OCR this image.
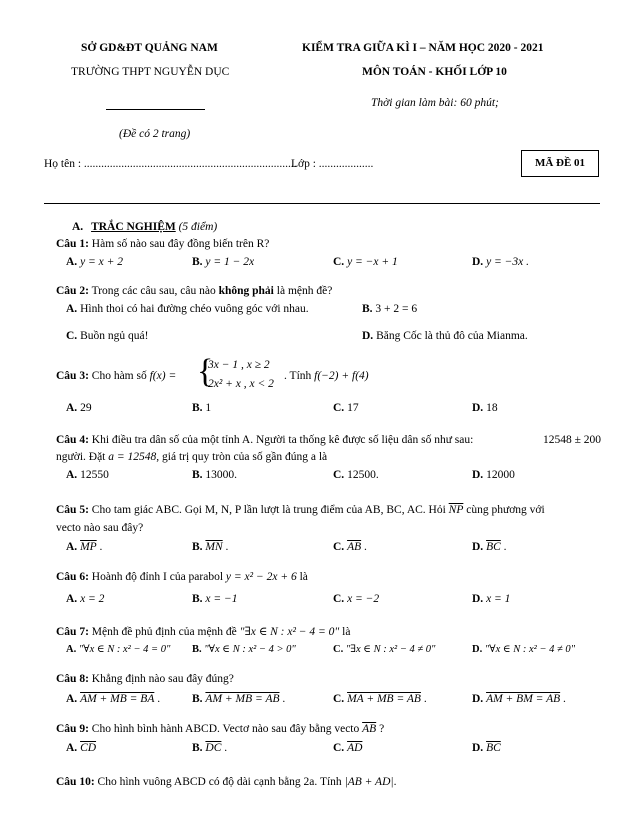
SỞ GD&ĐT QUẢNG NAM
TRƯỜNG THPT NGUYỄN DỤC
(Đề có 2 trang)
KIỂM TRA GIỮA KÌ I – NĂM HỌC 2020 - 2021
MÔN TOÁN - KHỐI LỚP 10
Thời gian làm bài: 60 phút;
Họ tên : ..........................................................................
Lớp : ...................	MÃ ĐỀ 01
A. TRẮC NGHIỆM (5 điểm)
Câu 1: Hàm số nào sau đây đồng biến trên R?
A. y = x + 2	B. y = 1 − 2x	C. y = −x + 1	D. y = −3x .
Câu 2: Trong các câu sau, câu nào không phải là mệnh đề?
A. Hình thoi có hai đường chéo vuông góc với nhau.	B. 3 + 2 = 6
C. Buồn ngủ quá!	D. Băng Cốc là thủ đô của Mianma.
Câu 3: Cho hàm số f(x) = {
3x − 1 , x ≥ 2
2x² + x , x < 2
. Tính f(−2) + f(4)
A. 29	B. 1	C. 17	D. 18
Câu 4: Khi điều tra dân số của một tỉnh A. Người ta thống kê được số liệu dân số như sau:	12548 ± 200
người. Đặt a = 12548, giá trị quy tròn của số gần đúng a là
A. 12550	B. 13000.	C. 12500.	D. 12000
Câu 5: Cho tam giác ABC. Gọi M, N, P lần lượt là trung điểm của AB, BC, AC. Hỏi $\overline{NP}$ cùng phương với
vecto nào sau đây?
A. $\overline{MP}$ .	B. $\overline{MN}$ .	C. $\overline{AB}$ .	D. $\overline{BC}$ .
Câu 6: Hoành độ đỉnh I của parabol y = x² − 2x + 6 là
A. x = 2	B. x = −1	C. x = −2	D. x = 1
Câu 7: Mệnh đề phủ định của mệnh đề "∃x ∈ N : x² − 4 = 0" là
A. "∀x ∈ N : x² − 4 = 0" B. "∀x ∈ N : x² − 4 > 0"	C. "∃x ∈ N : x² − 4 ≠ 0"	D. "∀x ∈ N : x² − 4 ≠ 0"
Câu 8: Khẳng định nào sau đây đúng?
A. AM + MB = BA .	B. AM + MB = AB .	C. MA + MB = AB .	D. AM + BM = AB .
Câu 9: Cho hình bình hành ABCD. Vectơ nào sau đây bằng vecto $\overline{AB}$ ?
A. $\overline{CD}$	B. $\overline{DC}$ .	C. $\overline{AD}$	D. $\overline{BC}$
Câu 10: Cho hình vuông ABCD có độ dài cạnh bằng 2a. Tính |AB + AD|.
